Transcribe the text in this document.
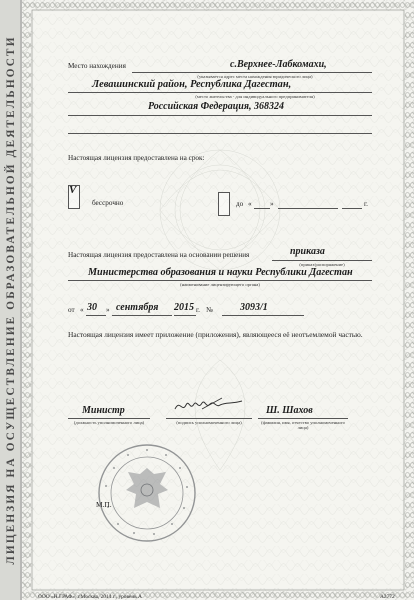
ЛИЦЕНЗИЯ НА ОСУЩЕСТВЛЕНИЕ ОБРАЗОВАТЕЛЬНОЙ ДЕЯТЕЛЬНОСТИ	Место нахождения	с.Верхнее-Лабкомахи,
(указывается адрес места нахождения юридического лица)
Левашинский район, Республика Дагестан,
(место жительства - для индивидуального предпринимателя)
Российская Федерация, 368324
Настоящая лицензия предоставлена на срок:
V
бессрочно	до «	»	г.
Настоящая лицензия предоставлена на основании решения	приказа
(приказ/распоряжение)
Министерства образования и науки Республики Дагестан
(наименование лицензирующего органа)
от « 30 » сентября 2015 г. №	3093/1
Настоящая лицензия имеет приложение (приложения), являющееся её неотъемлемой частью.
Министр
(должность уполномоченного лица)	(подпись уполномоченного лица)
Ш. Шахов
(фамилия, имя, отчество уполномоченного лица)
М.П.
ООО «Н.ГРАФ», г.Москва, 2014 г., уровень А	А2772
